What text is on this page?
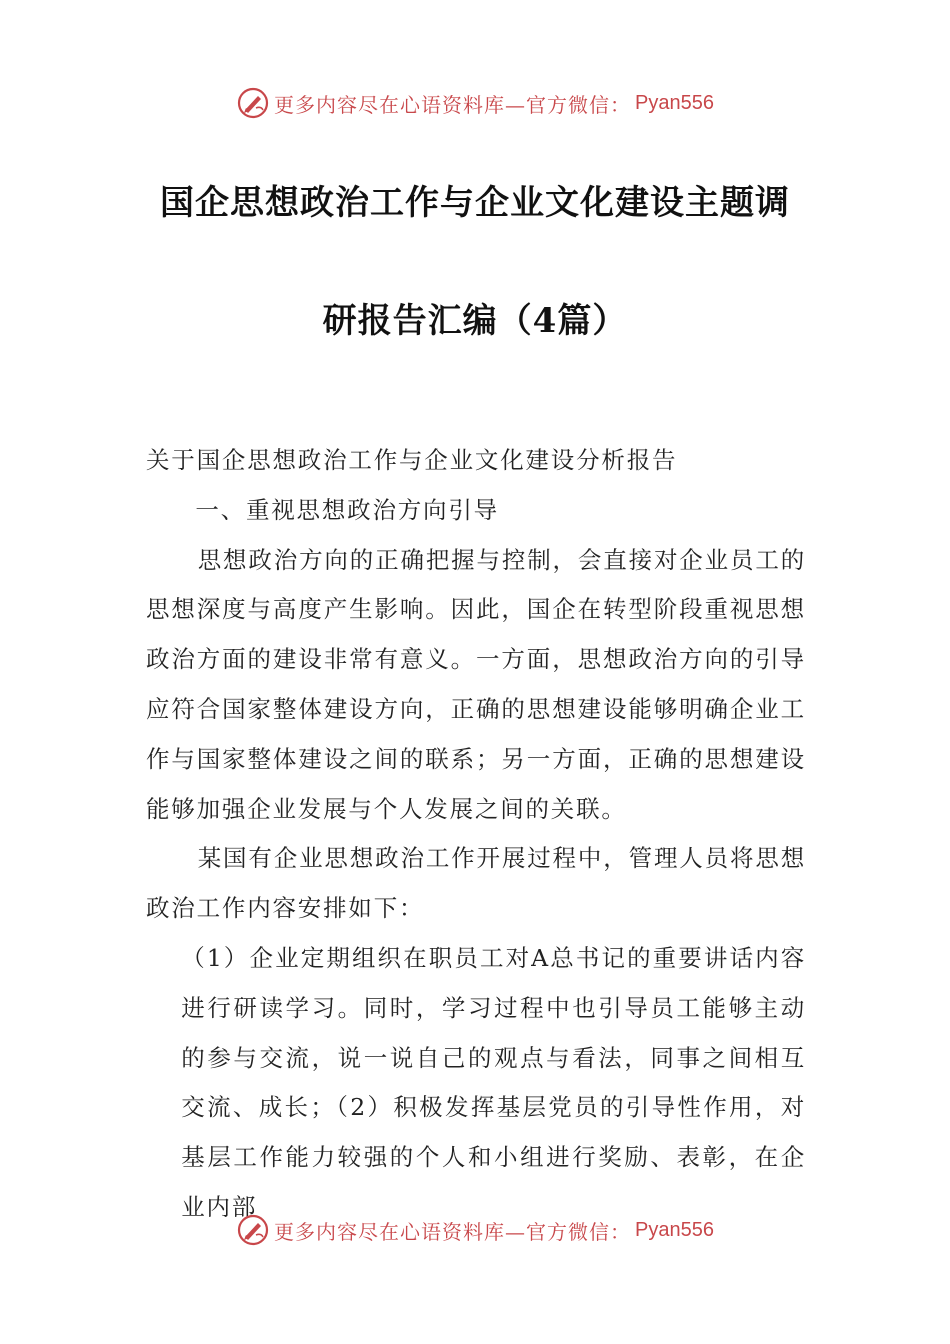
更多内容尽在心语资料库—官方微信： Pyan556
国企思想政治工作与企业文化建设主题调
研报告汇编（4篇）

关于国企思想政治工作与企业文化建设分析报告

一、重视思想政治方向引导

思想政治方向的正确把握与控制，会直接对企业员工的思想深度与高度产生影响。因此，国企在转型阶段重视思想政治方面的建设非常有意义。一方面，思想政治方向的引导应符合国家整体建设方向，正确的思想建设能够明确企业工作与国家整体建设之间的联系；另一方面，正确的思想建设能够加强企业发展与个人发展之间的关联。

某国有企业思想政治工作开展过程中，管理人员将思想政治工作内容安排如下：

（1）企业定期组织在职员工对A总书记的重要讲话内容进行研读学习。同时，学习过程中也引导员工能够主动的参与交流，说一说自己的观点与看法，同事之间相互交流、成长；（2）积极发挥基层党员的引导性作用，对基层工作能力较强的个人和小组进行奖励、表彰，在企业内部

更多内容尽在心语资料库—官方微信： Pyan556
